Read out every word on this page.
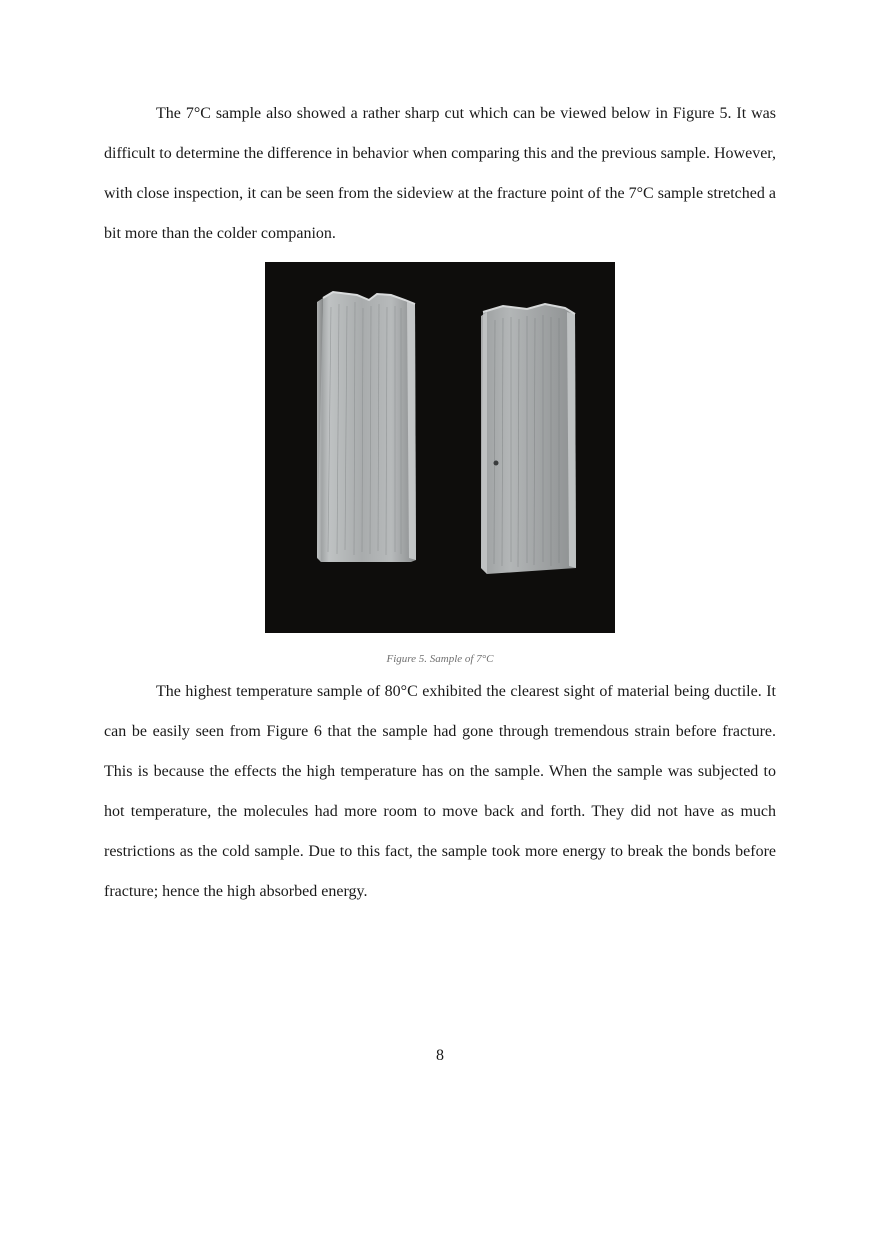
The 7°C sample also showed a rather sharp cut which can be viewed below in Figure 5. It was difficult to determine the difference in behavior when comparing this and the previous sample. However, with close inspection, it can be seen from the sideview at the fracture point of the 7°C sample stretched a bit more than the colder companion.

Figure 5. Sample of 7°C

The highest temperature sample of 80°C exhibited the clearest sight of material being ductile. It can be easily seen from Figure 6 that the sample had gone through tremendous strain before fracture. This is because the effects the high temperature has on the sample. When the sample was subjected to hot temperature, the molecules had more room to move back and forth. They did not have as much restrictions as the cold sample. Due to this fact, the sample took more energy to break the bonds before fracture; hence the high absorbed energy.

8
